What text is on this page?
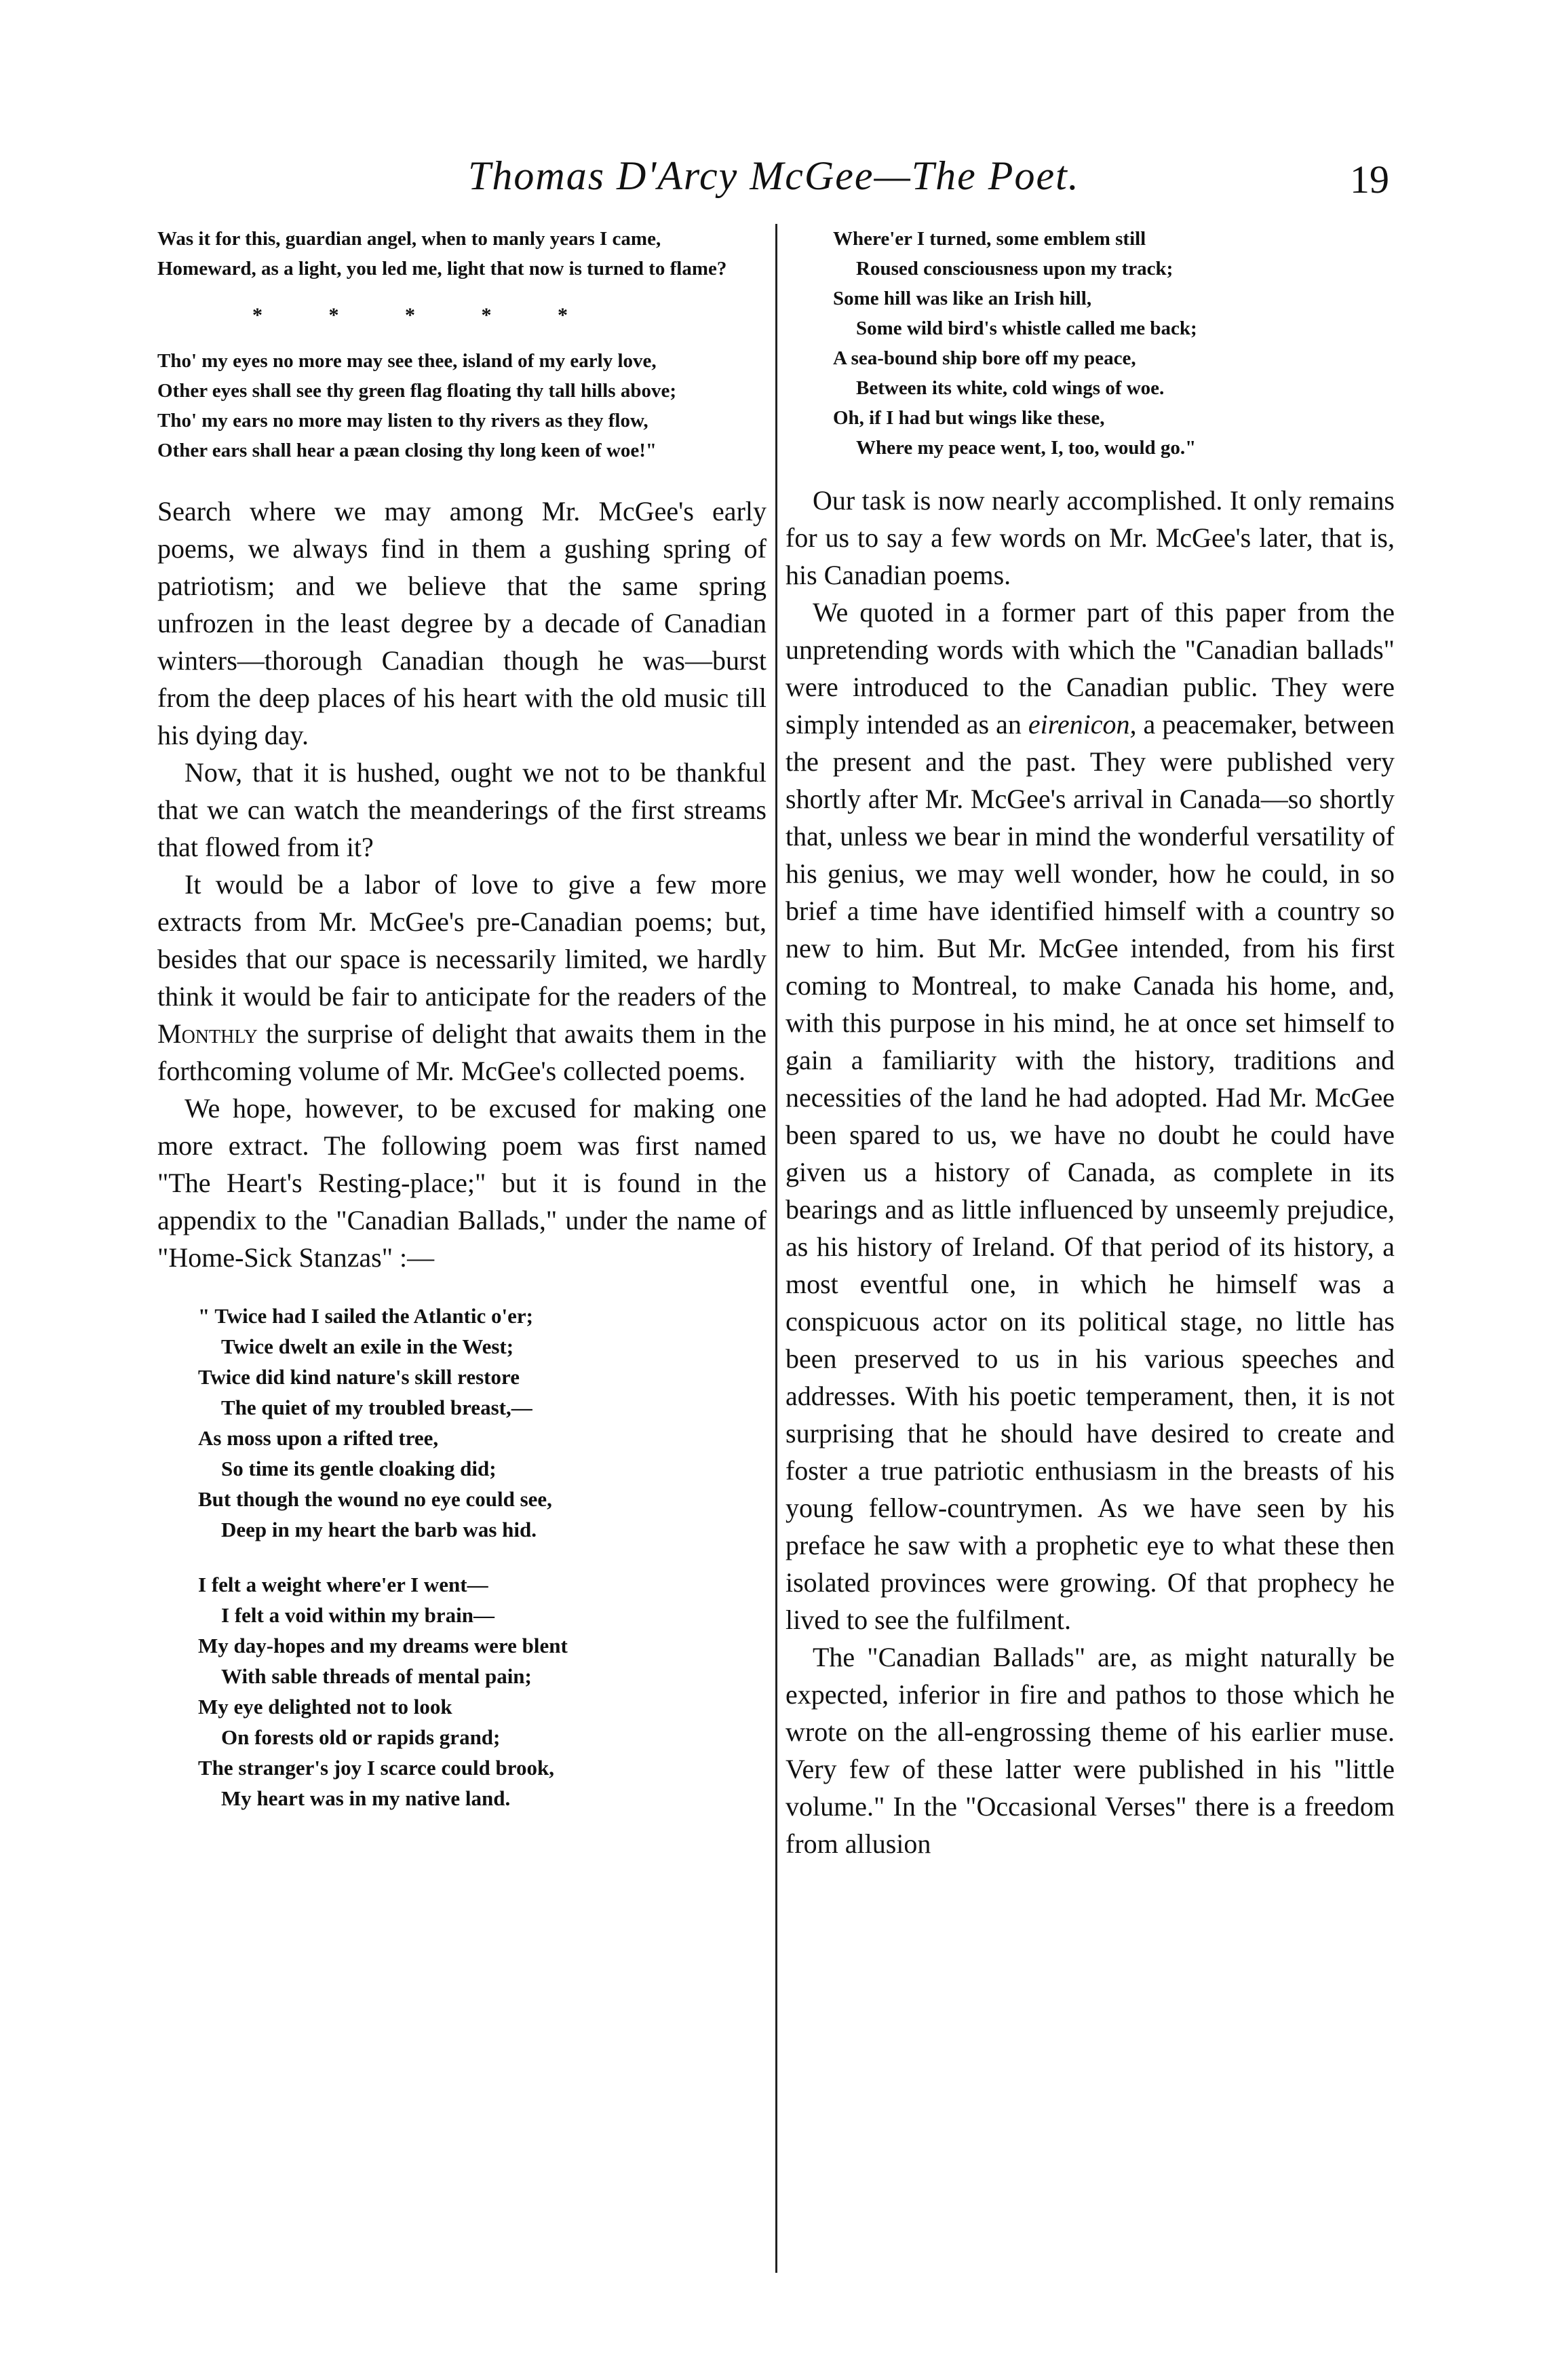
Thomas D'Arcy McGee—The Poet.	19
Was it for this, guardian angel, when to manly years I came,
Homeward, as a light, you led me, light that now is turned to flame?
* * * * *
Tho' my eyes no more may see thee, island of my early love,
Other eyes shall see thy green flag floating thy tall hills above;
Tho' my ears no more may listen to thy rivers as they flow,
Other ears shall hear a pæan closing thy long keen of woe!"

Search where we may among Mr. McGee's early poems, we always find in them a gushing spring of patriotism; and we believe that the same spring unfrozen in the least degree by a decade of Canadian winters—thorough Canadian though he was—burst from the deep places of his heart with the old music till his dying day.

Now, that it is hushed, ought we not to be thankful that we can watch the meanderings of the first streams that flowed from it?

It would be a labor of love to give a few more extracts from Mr. McGee's pre-Canadian poems; but, besides that our space is necessarily limited, we hardly think it would be fair to anticipate for the readers of the Monthly the surprise of delight that awaits them in the forthcoming volume of Mr. McGee's collected poems.

We hope, however, to be excused for making one more extract. The following poem was first named "The Heart's Resting-place;" but it is found in the appendix to the "Canadian Ballads," under the name of "Home-Sick Stanzas" :—

" Twice had I sailed the Atlantic o'er;
Twice dwelt an exile in the West;
Twice did kind nature's skill restore
The quiet of my troubled breast,—
As moss upon a rifted tree,
So time its gentle cloaking did;
But though the wound no eye could see,
Deep in my heart the barb was hid.
I felt a weight where'er I went—
I felt a void within my brain—
My day-hopes and my dreams were blent
With sable threads of mental pain;
My eye delighted not to look
On forests old or rapids grand;
The stranger's joy I scarce could brook,
My heart was in my native land.
Where'er I turned, some emblem still
Roused consciousness upon my track;
Some hill was like an Irish hill,
Some wild bird's whistle called me back;
A sea-bound ship bore off my peace,
Between its white, cold wings of woe.
Oh, if I had but wings like these,
Where my peace went, I, too, would go."

Our task is now nearly accomplished. It only remains for us to say a few words on Mr. McGee's later, that is, his Canadian poems.

We quoted in a former part of this paper from the unpretending words with which the "Canadian ballads" were introduced to the Canadian public. They were simply intended as an eirenicon, a peacemaker, between the present and the past. They were published very shortly after Mr. McGee's arrival in Canada—so shortly that, unless we bear in mind the wonderful versatility of his genius, we may well wonder, how he could, in so brief a time have identified himself with a country so new to him. But Mr. McGee intended, from his first coming to Montreal, to make Canada his home, and, with this purpose in his mind, he at once set himself to gain a familiarity with the history, traditions and necessities of the land he had adopted. Had Mr. McGee been spared to us, we have no doubt he could have given us a history of Canada, as complete in its bearings and as little influenced by unseemly prejudice, as his history of Ireland. Of that period of its history, a most eventful one, in which he himself was a conspicuous actor on its political stage, no little has been preserved to us in his various speeches and addresses. With his poetic temperament, then, it is not surprising that he should have desired to create and foster a true patriotic enthusiasm in the breasts of his young fellow-countrymen. As we have seen by his preface he saw with a prophetic eye to what these then isolated provinces were growing. Of that prophecy he lived to see the fulfilment.

The "Canadian Ballads" are, as might naturally be expected, inferior in fire and pathos to those which he wrote on the all-engrossing theme of his earlier muse. Very few of these latter were published in his "little volume." In the "Occasional Verses" there is a freedom from allusion
